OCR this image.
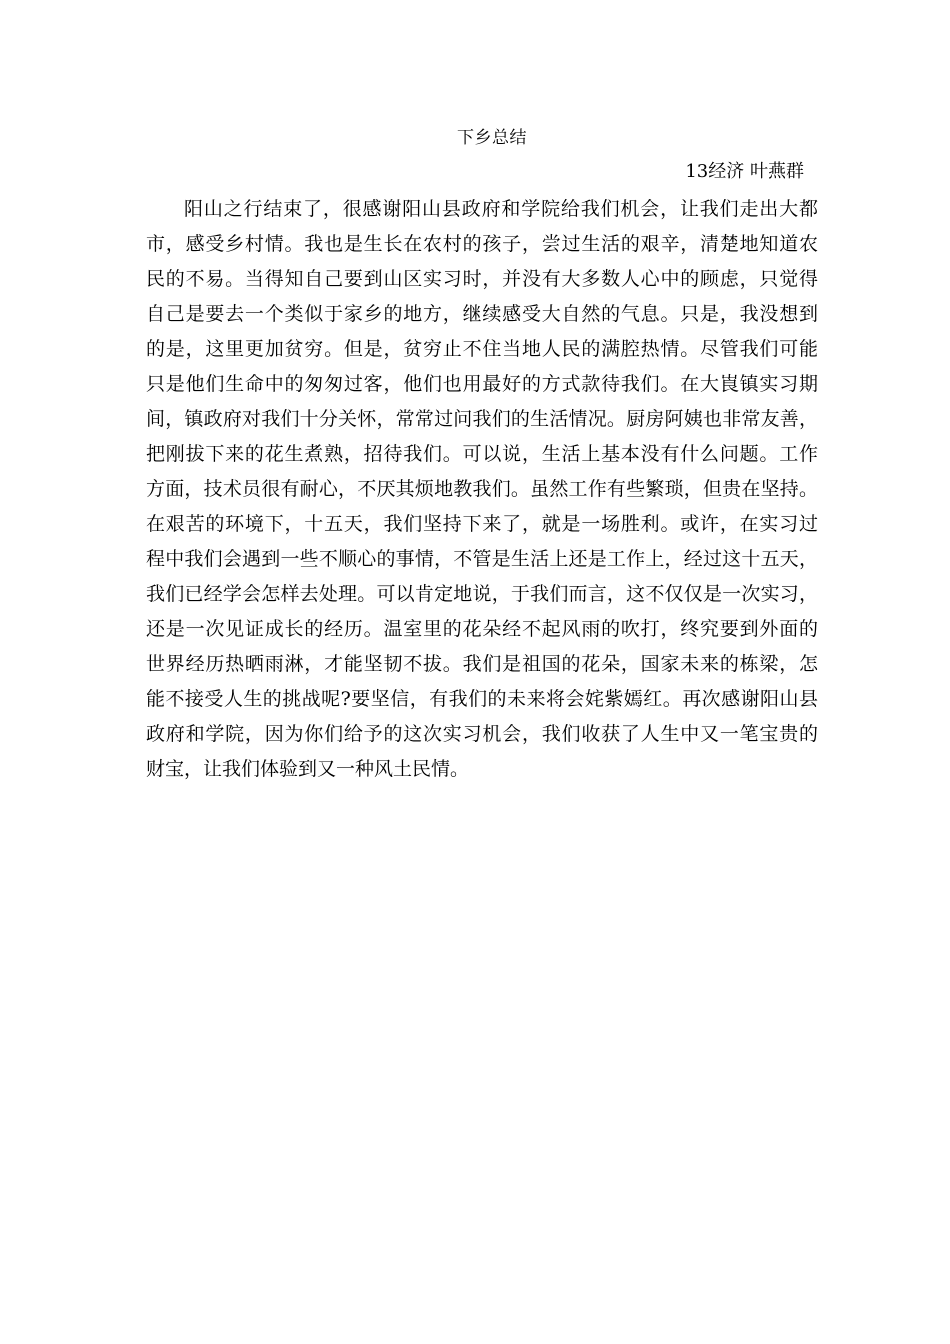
下乡总结
13经济 叶燕群
阳山之行结束了，很感谢阳山县政府和学院给我们机会，让我们走出大都
市，感受乡村情。我也是生长在农村的孩子，尝过生活的艰辛，清楚地知道农
民的不易。当得知自己要到山区实习时，并没有大多数人心中的顾虑，只觉得
自己是要去一个类似于家乡的地方，继续感受大自然的气息。只是，我没想到
的是，这里更加贫穷。但是，贫穷止不住当地人民的满腔热情。尽管我们可能
只是他们生命中的匆匆过客，他们也用最好的方式款待我们。在大崀镇实习期
间，镇政府对我们十分关怀，常常过问我们的生活情况。厨房阿姨也非常友善，
把刚拔下来的花生煮熟，招待我们。可以说，生活上基本没有什么问题。工作
方面，技术员很有耐心，不厌其烦地教我们。虽然工作有些繁琐，但贵在坚持。
在艰苦的环境下，十五天，我们坚持下来了，就是一场胜利。或许，在实习过
程中我们会遇到一些不顺心的事情，不管是生活上还是工作上，经过这十五天，
我们已经学会怎样去处理。可以肯定地说，于我们而言，这不仅仅是一次实习，
还是一次见证成长的经历。温室里的花朵经不起风雨的吹打，终究要到外面的
世界经历热晒雨淋，才能坚韧不拔。我们是祖国的花朵，国家未来的栋梁，怎
能不接受人生的挑战呢?要坚信，有我们的未来将会姹紫嫣红。再次感谢阳山县
政府和学院，因为你们给予的这次实习机会，我们收获了人生中又一笔宝贵的
财宝，让我们体验到又一种风土民情。
